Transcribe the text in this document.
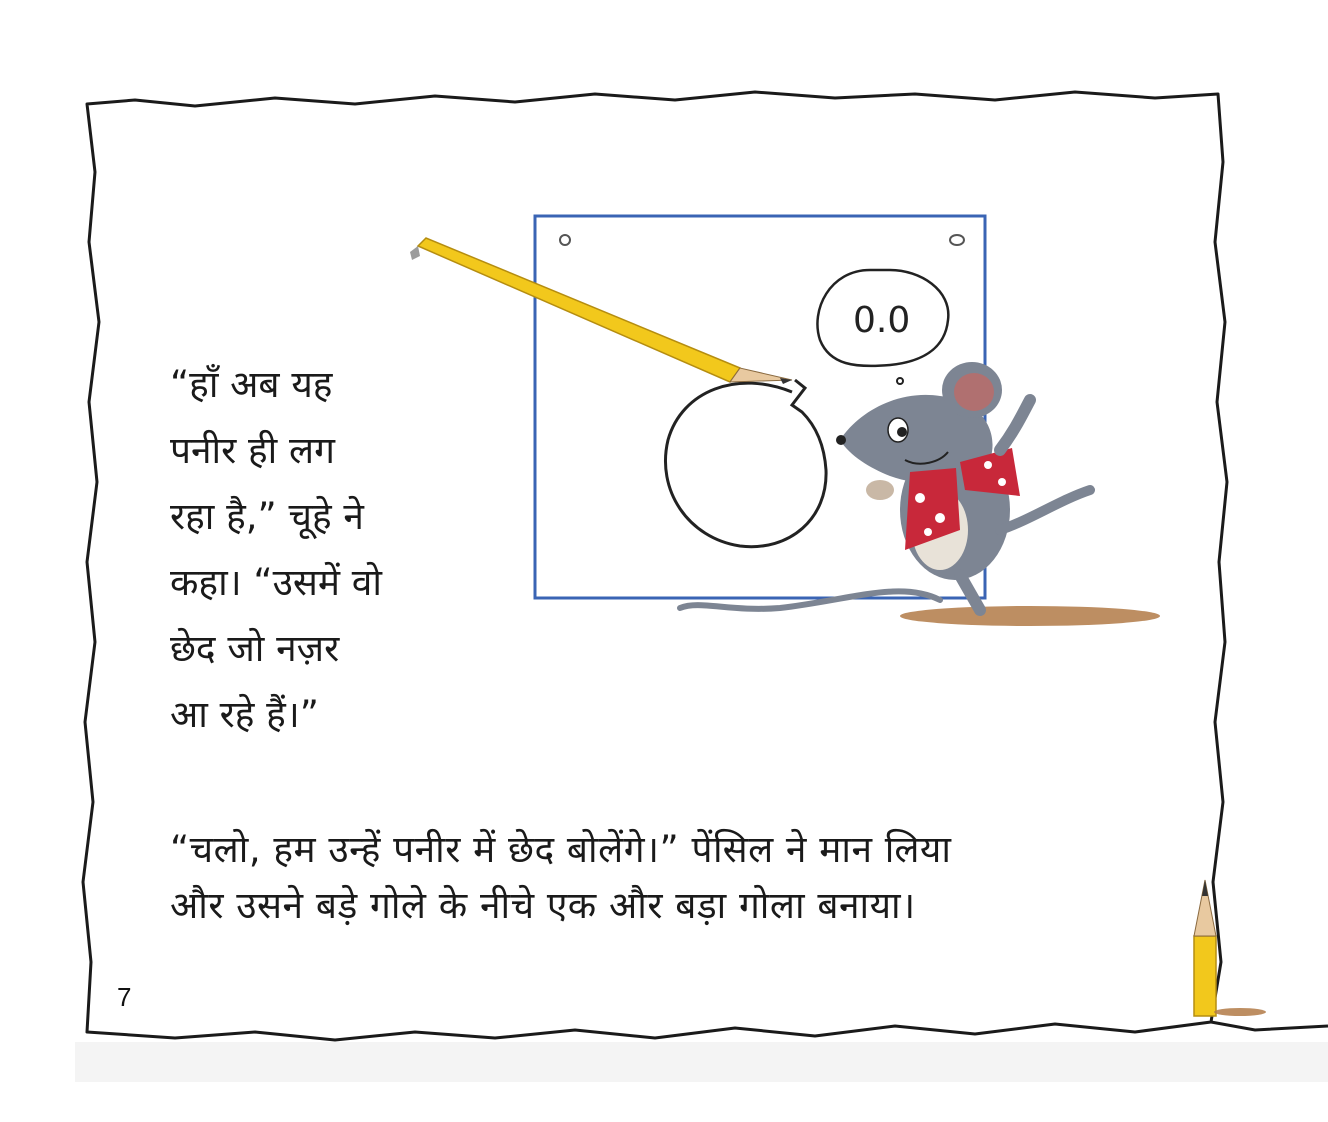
0.0
“हाँ अब यह
पनीर ही लग
रहा है,” चूहे ने
कहा। “उसमें वो
छेद जो नज़र
आ रहे हैं।”
“चलो, हम उन्हें पनीर में छेद बोलेंगे।” पेंसिल ने मान लिया
और उसने बड़े गोले के नीचे एक और बड़ा गोला बनाया।
7
